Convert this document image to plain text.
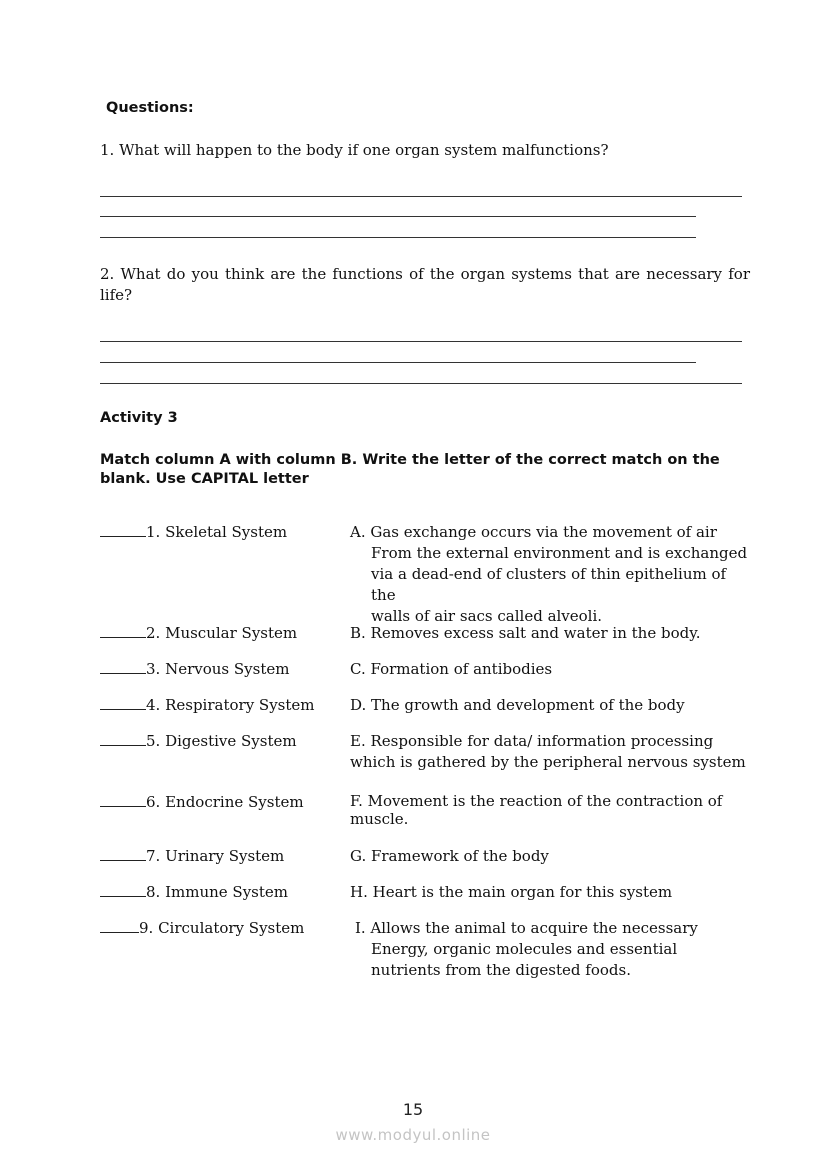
Questions:
1. What will happen to the body if one organ system malfunctions?
2. What do you think are the functions of the organ systems that are necessary for life?
Activity 3
Match column A with column B. Write the letter of the correct match on the blank. Use CAPITAL letter
1. Skeletal System
2. Muscular System
3. Nervous System
4. Respiratory System
5. Digestive System
6. Endocrine System
7. Urinary System
8. Immune System
9. Circulatory System
A. Gas exchange occurs via the movement of air
From the external environment and is exchanged
via a dead-end of clusters of thin epithelium of the
walls of air sacs called alveoli.
B. Removes excess salt and water in the body.
C. Formation of antibodies
D. The growth and development of the body
E. Responsible for data/ information processing
which is gathered by the peripheral nervous system
F. Movement is the reaction of the contraction of
muscle.
G. Framework of the body
H. Heart is the main organ for this system
I. Allows the animal to acquire the necessary
Energy, organic molecules and essential
nutrients from the digested foods.
15
www.modyul.online
